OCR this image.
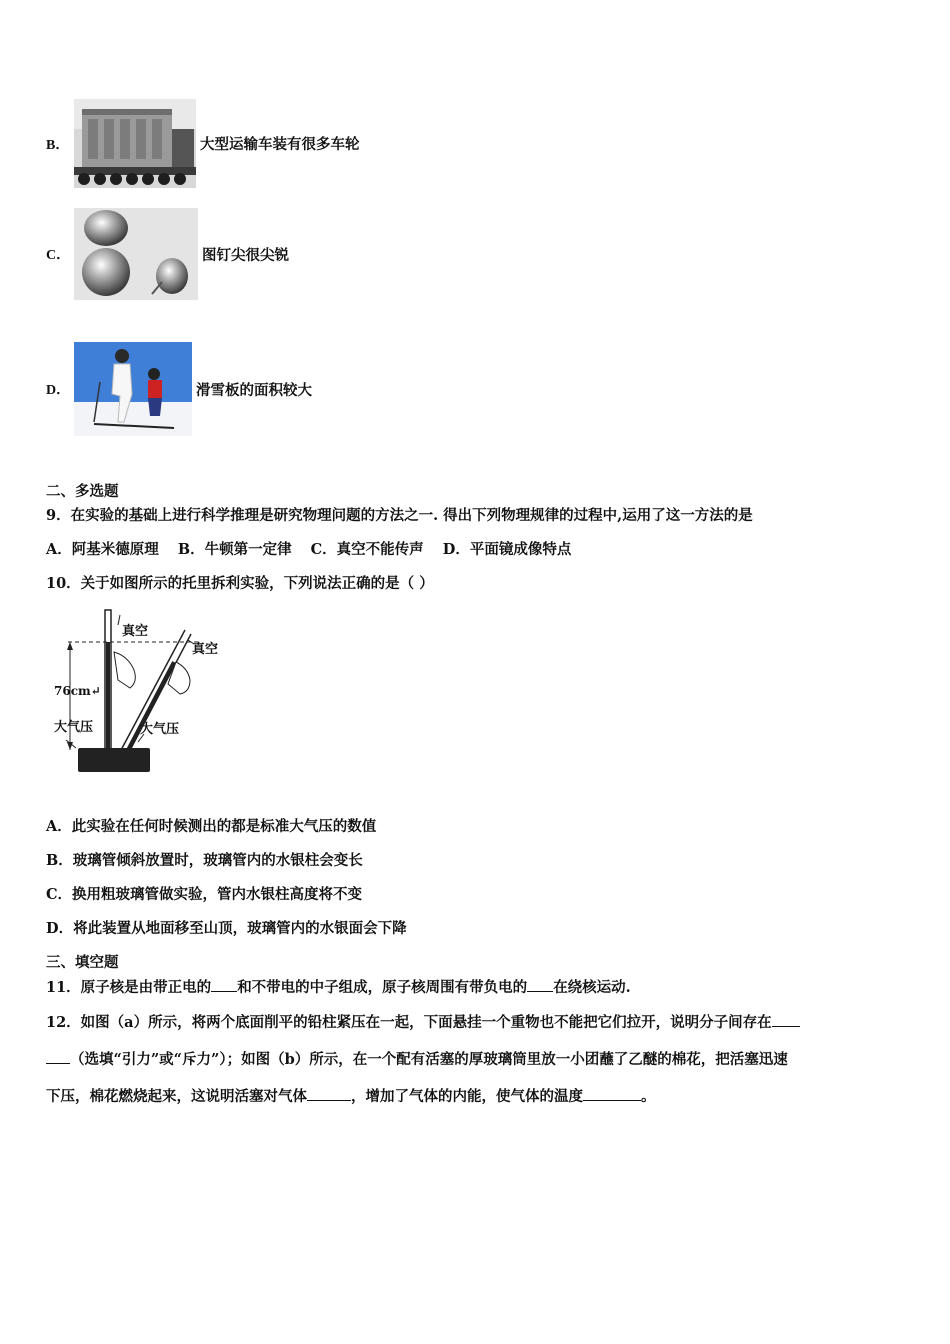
B．	大型运输车装有很多车轮
C．	图钉尖很尖锐
D．	滑雪板的面积较大
二、多选题
9．在实验的基础上进行科学推理是研究物理问题的方法之一. 得出下列物理规律的过程中,运用了这一方法的是
A．阿基米德原理 B．牛顿第一定律 C．真空不能传声 D．平面镜成像特点
10．关于如图所示的托里拆利实验，下列说法正确的是（ ）
真空
真空
76cm↵
大气压	大气压
A．此实验在任何时候测出的都是标准大气压的数值
B．玻璃管倾斜放置时，玻璃管内的水银柱会变长
C．换用粗玻璃管做实验，管内水银柱高度将不变
D．将此装置从地面移至山顶，玻璃管内的水银面会下降
三、填空题
11．原子核是由带正电的 和不带电的中子组成，原子核周围有带负电的 在绕核运动.
12．如图（a）所示，将两个底面削平的铅柱紧压在一起，下面悬挂一个重物也不能把它们拉开，说明分子间存在
（选填“引力”或“斥力”）；如图（b）所示，在一个配有活塞的厚玻璃筒里放一小团蘸了乙醚的棉花，把活塞迅速
下压，棉花燃烧起来，这说明活塞对气体	，增加了气体的内能，使气体的温度	。
